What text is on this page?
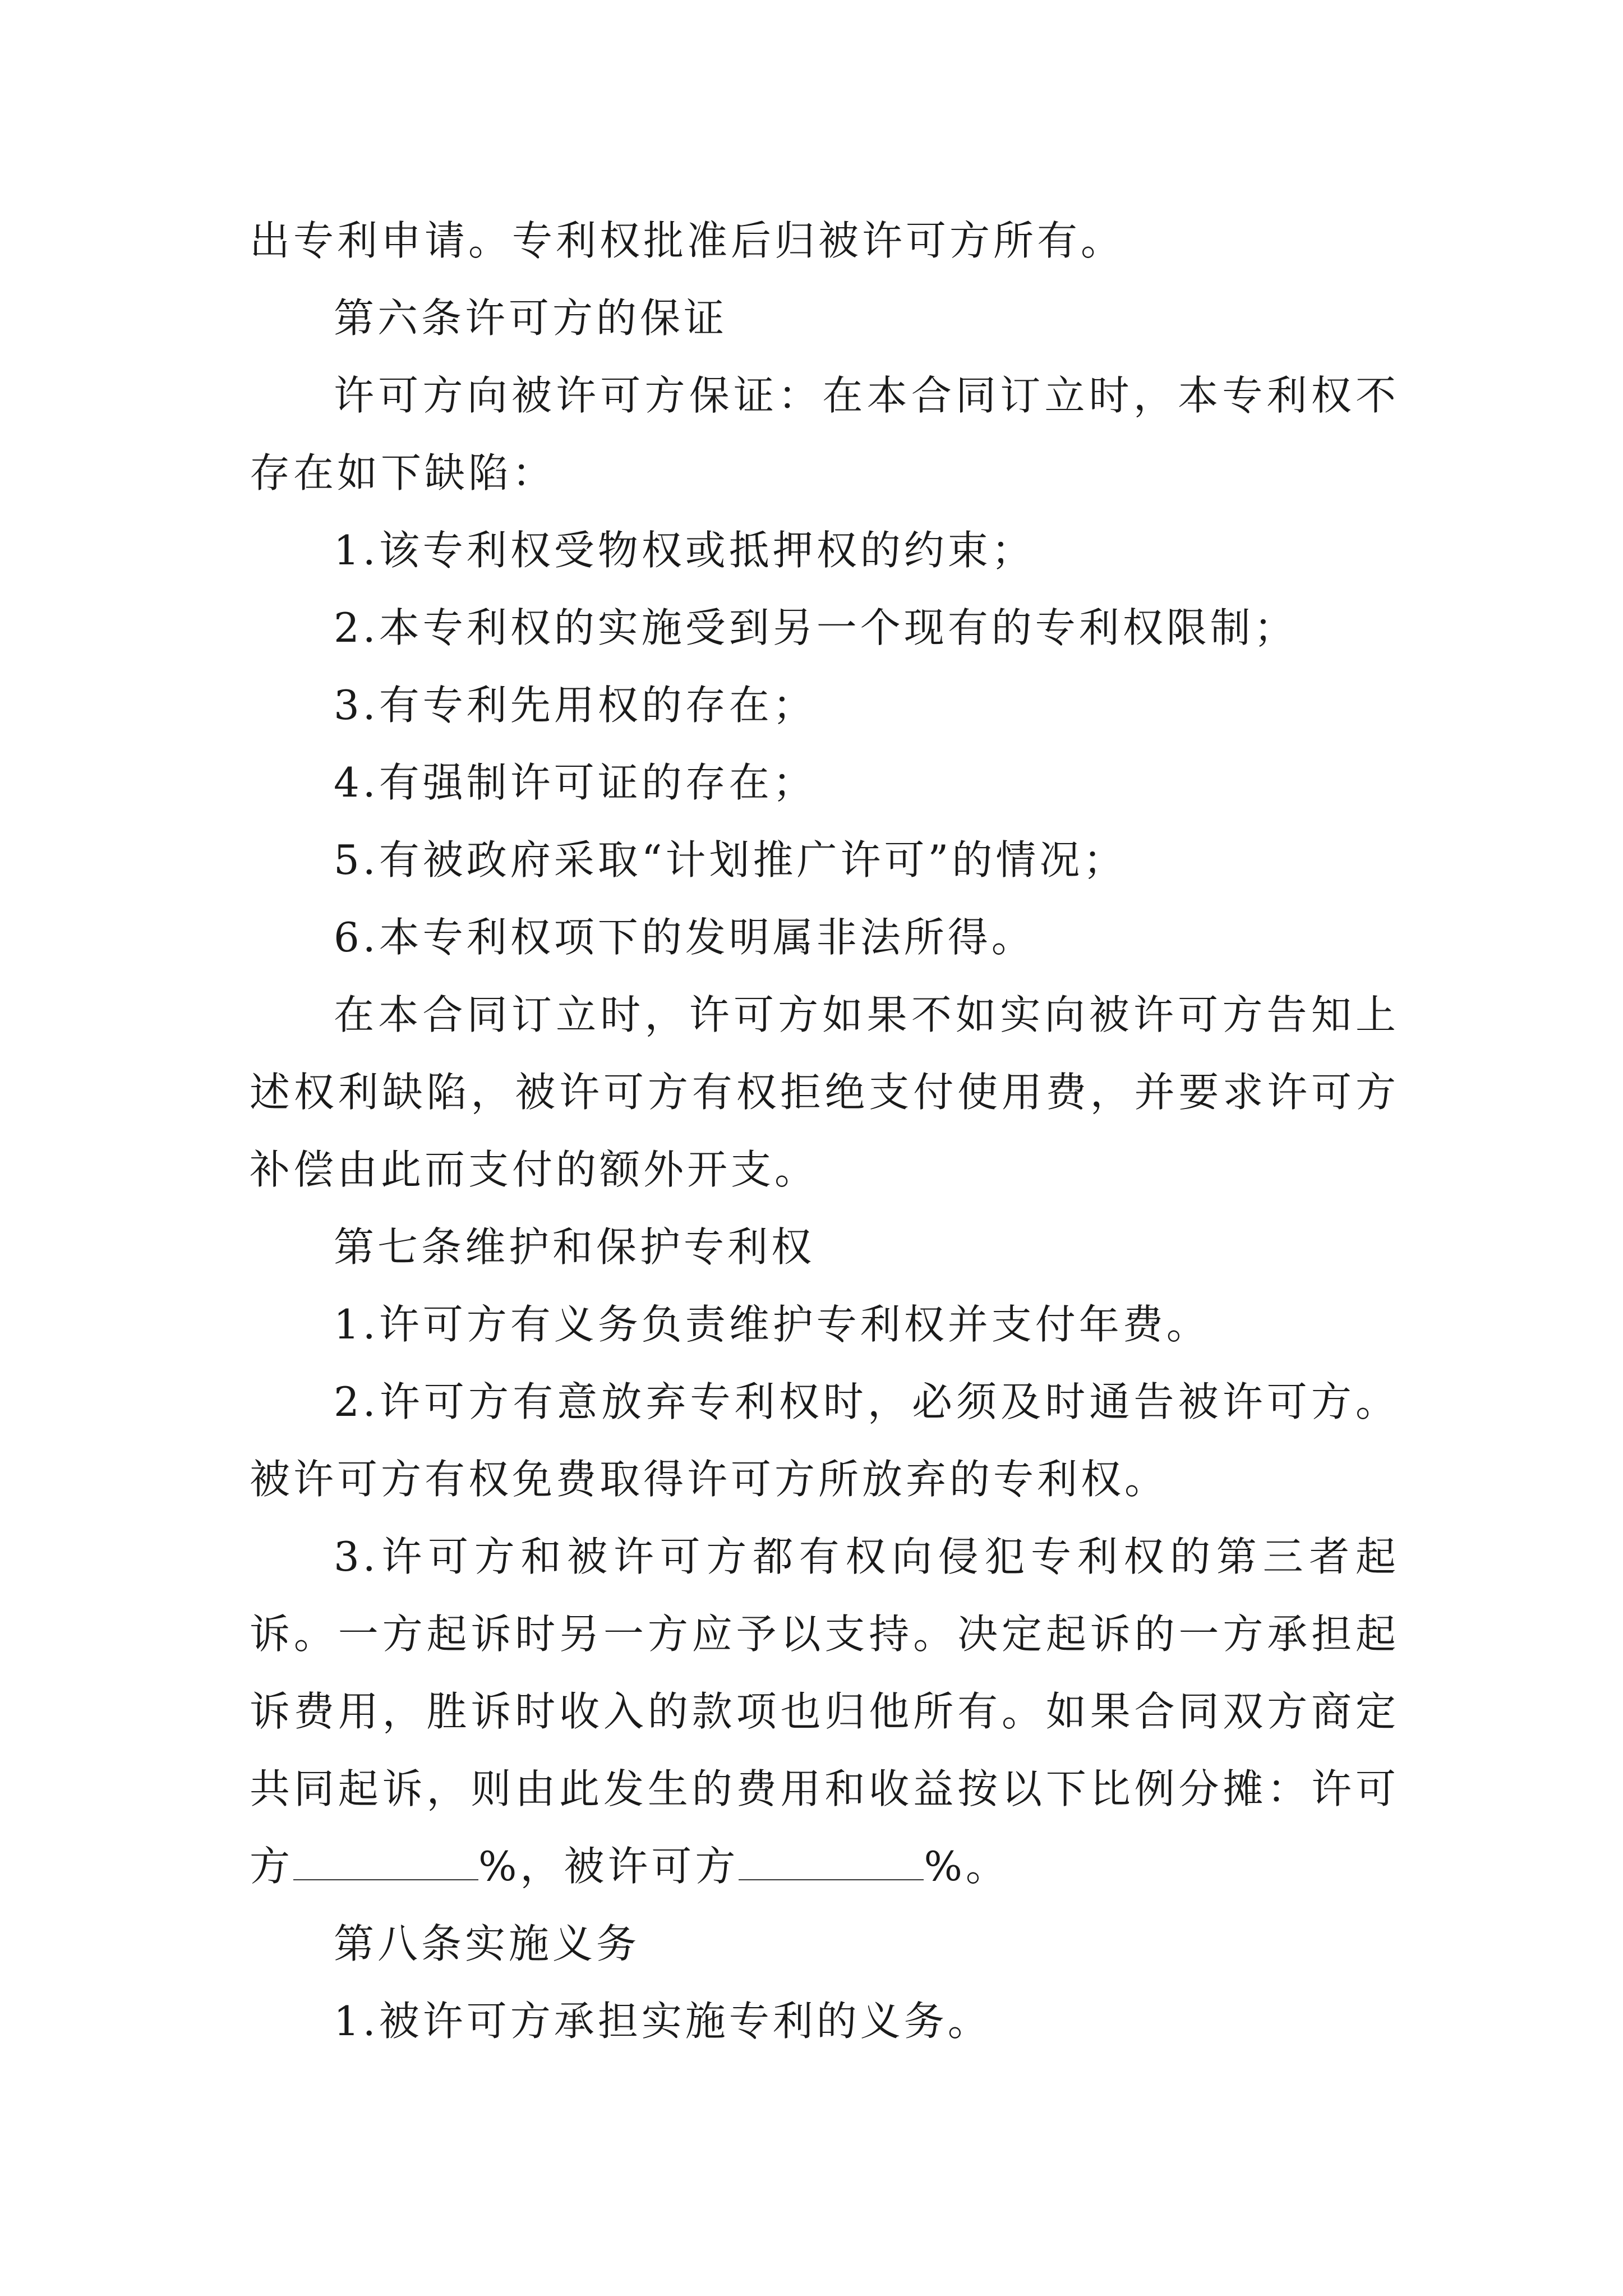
出专利申请。专利权批准后归被许可方所有。

第六条许可方的保证

许可方向被许可方保证：在本合同订立时，本专利权不存在如下缺陷：

1.该专利权受物权或抵押权的约束；

2.本专利权的实施受到另一个现有的专利权限制；

3.有专利先用权的存在；

4.有强制许可证的存在；

5.有被政府采取“计划推广许可”的情况；

6.本专利权项下的发明属非法所得。

在本合同订立时，许可方如果不如实向被许可方告知上述权利缺陷，被许可方有权拒绝支付使用费，并要求许可方补偿由此而支付的额外开支。

第七条维护和保护专利权

1.许可方有义务负责维护专利权并支付年费。

2.许可方有意放弃专利权时，必须及时通告被许可方。被许可方有权免费取得许可方所放弃的专利权。

3.许可方和被许可方都有权向侵犯专利权的第三者起诉。一方起诉时另一方应予以支持。决定起诉的一方承担起诉费用，胜诉时收入的款项也归他所有。如果合同双方商定共同起诉，则由此发生的费用和收益按以下比例分摊：许可方	%，被许可方	%。

第八条实施义务

1.被许可方承担实施专利的义务。
